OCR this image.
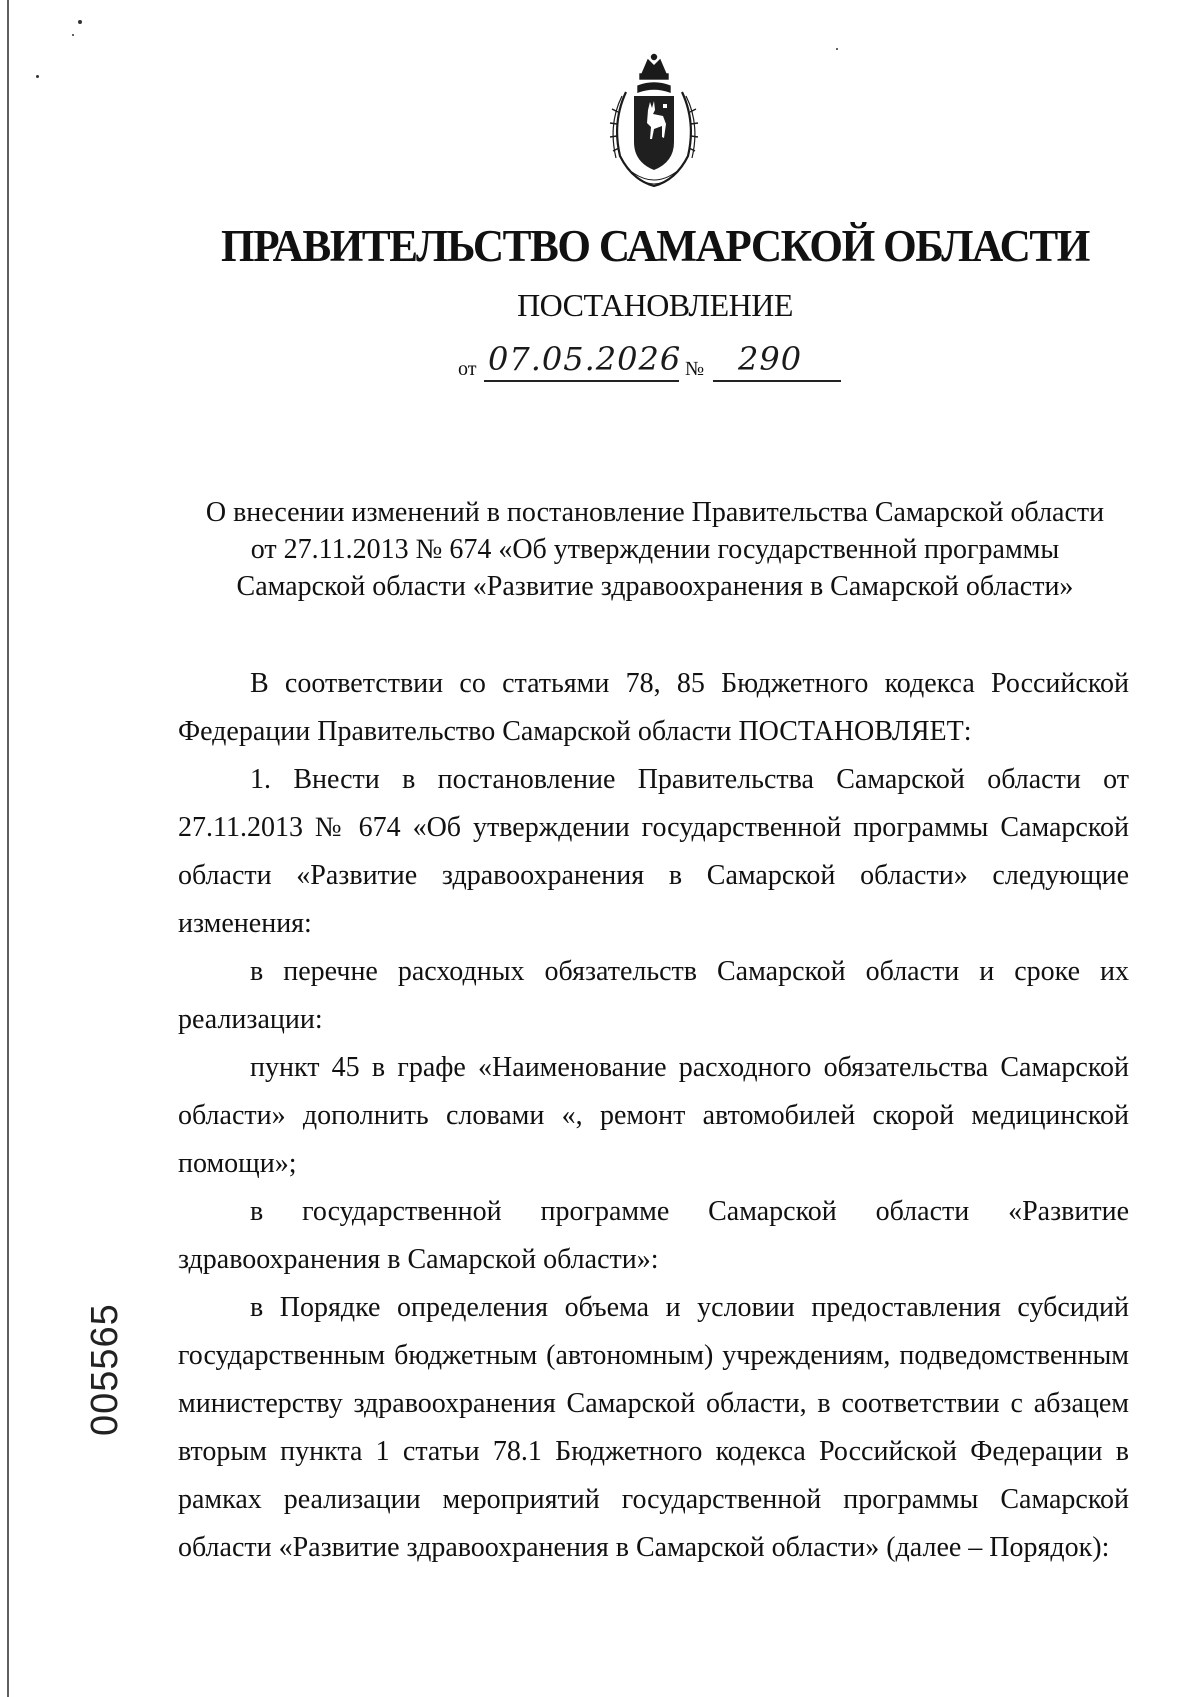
ПРАВИТЕЛЬСТВО САМАРСКОЙ ОБЛАСТИ
ПОСТАНОВЛЕНИЕ
от 07.05.2026 № 290
О внесении изменений в постановление Правительства Самарской области
от 27.11.2013 № 674 «Об утверждении государственной программы
Самарской области «Развитие здравоохранения в Самарской области»

В соответствии со статьями 78, 85 Бюджетного кодекса Российской Федерации Правительство Самарской области ПОСТАНОВЛЯЕТ:

1. Внести в постановление Правительства Самарской области от 27.11.2013 № 674 «Об утверждении государственной программы Самарской области «Развитие здравоохранения в Самарской области» следующие изменения:

в перечне расходных обязательств Самарской области и сроке их реализации:

пункт 45 в графе «Наименование расходного обязательства Самарской области» дополнить словами «, ремонт автомобилей скорой медицинской помощи»;

в государственной программе Самарской области «Развитие здравоохранения в Самарской области»:

в Порядке определения объема и условии предоставления субсидий государственным бюджетным (автономным) учреждениям, подведомственным министерству здравоохранения Самарской области, в соответствии с абзацем вторым пункта 1 статьи 78.1 Бюджетного кодекса Российской Федерации в рамках реализации мероприятий государственной программы Самарской области «Развитие здравоохранения в Самарской области» (далее – Порядок):

005565
